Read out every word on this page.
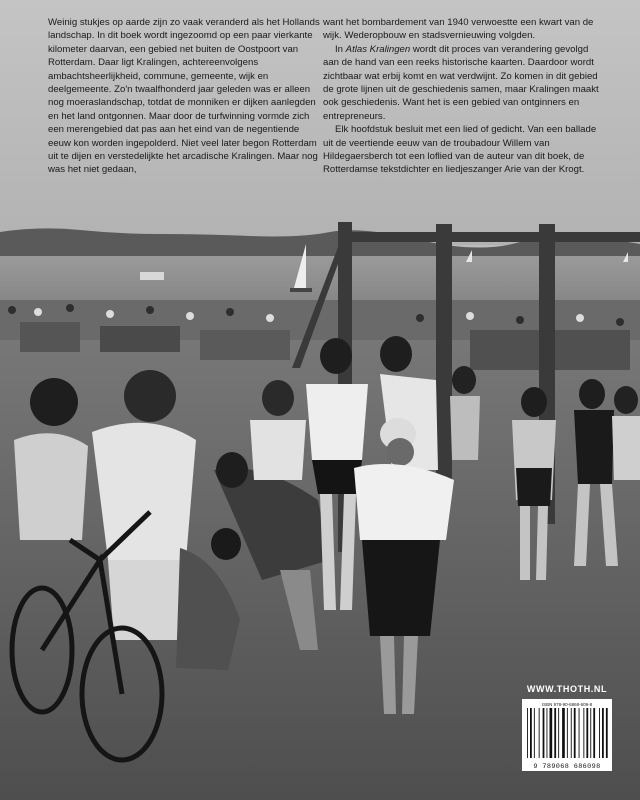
Weinig stukjes op aarde zijn zo vaak veranderd als het Hollands landschap. In dit boek wordt ingezoomd op een paar vierkante kilometer daarvan, een gebied net buiten de Oostpoort van Rotterdam. Daar ligt Kralingen, achtereenvolgens ambachtsheerlijkheid, commune, gemeente, wijk en deelgemeente. Zo'n twaalfhonderd jaar geleden was er alleen nog moeraslandschap, totdat de monniken er dijken aanlegden en het land ontgonnen. Maar door de turfwinning vormde zich een merengebied dat pas aan het eind van de negentiende eeuw kon worden ingepolderd. Niet veel later begon Rotterdam uit te dijen en verstedelijkte het arcadische Kralingen. Maar nog was het niet gedaan,

want het bombardement van 1940 verwoestte een kwart van de wijk. Wederopbouw en stadsvernieuwing volgden.

In Atlas Kralingen wordt dit proces van verandering gevolgd aan de hand van een reeks historische kaarten. Daardoor wordt zichtbaar wat erbij komt en wat verdwijnt. Zo komen in dit gebied de grote lijnen uit de geschiedenis samen, maar Kralingen maakt ook geschiedenis. Want het is een gebied van ontginners en entrepreneurs.

Elk hoofdstuk besluit met een lied of gedicht. Van een ballade uit de veertiende eeuw van de troubadour Willem van Hildegaersberch tot een loflied van de auteur van dit boek, de Rotterdamse tekstdichter en liedjeszanger Arie van der Krogt.

WWW.THOTH.NL
ISBN 978-90-6868-609-8
9 789068 686098
